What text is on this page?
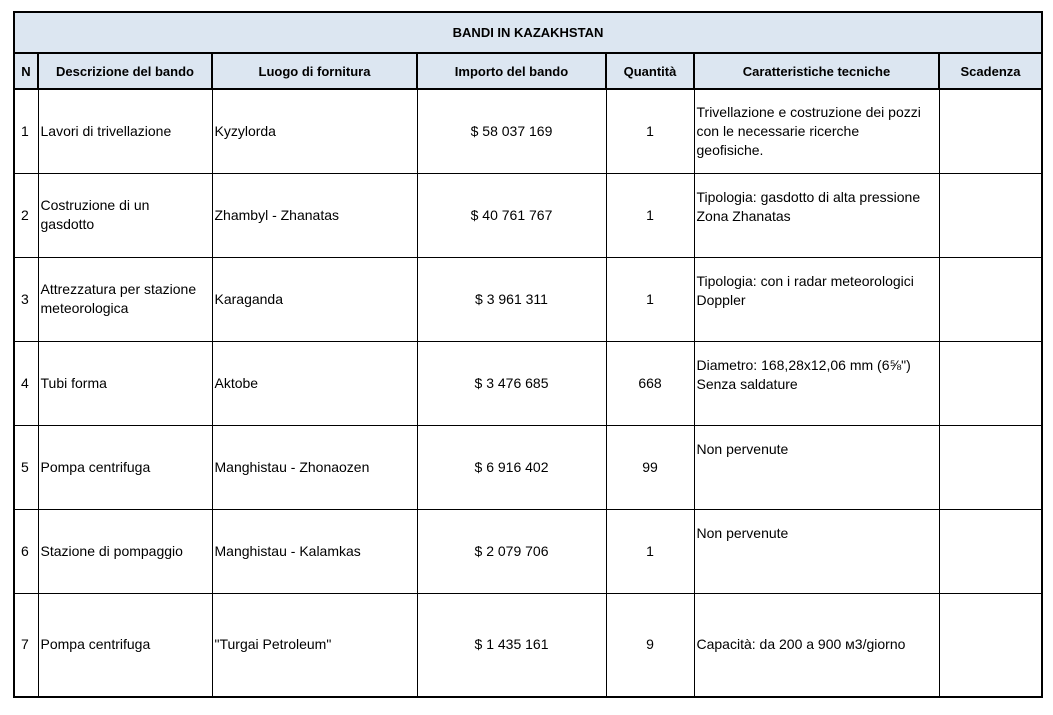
BANDI IN KAZAKHSTAN						
N	Descrizione del bando	Luogo di fornitura	Importo del bando	Quantità	Caratteristiche tecniche	Scadenza
1	Lavori di trivellazione	Kyzylorda	$ 58 037 169	1	Trivellazione e costruzione dei pozzi
con le necessarie ricerche
geofisiche.	

2	Costruzione di un
gasdotto	Zhambyl - Zhanatas	$ 40 761 767	1	Tipologia: gasdotto di alta pressione
Zona Zhanatas	

3	Attrezzatura per stazione
meteorologica	Karaganda	$ 3 961 311	1	Tipologia: con i radar meteorologici
Doppler	

4	Tubi forma	Aktobe	$ 3 476 685	668	Diametro: 168,28x12,06 mm (6⅝")
Senza saldature	

5	Pompa centrifuga	Manghistau - Zhonaozen	$ 6 916 402	99	Non pervenute	

6	Stazione di pompaggio	Manghistau - Kalamkas	$ 2 079 706	1	Non pervenute	

7	Pompa centrifuga	"Turgai Petroleum"	$ 1 435 161	9	Capacità: da 200 a 900 м3/giorno	
